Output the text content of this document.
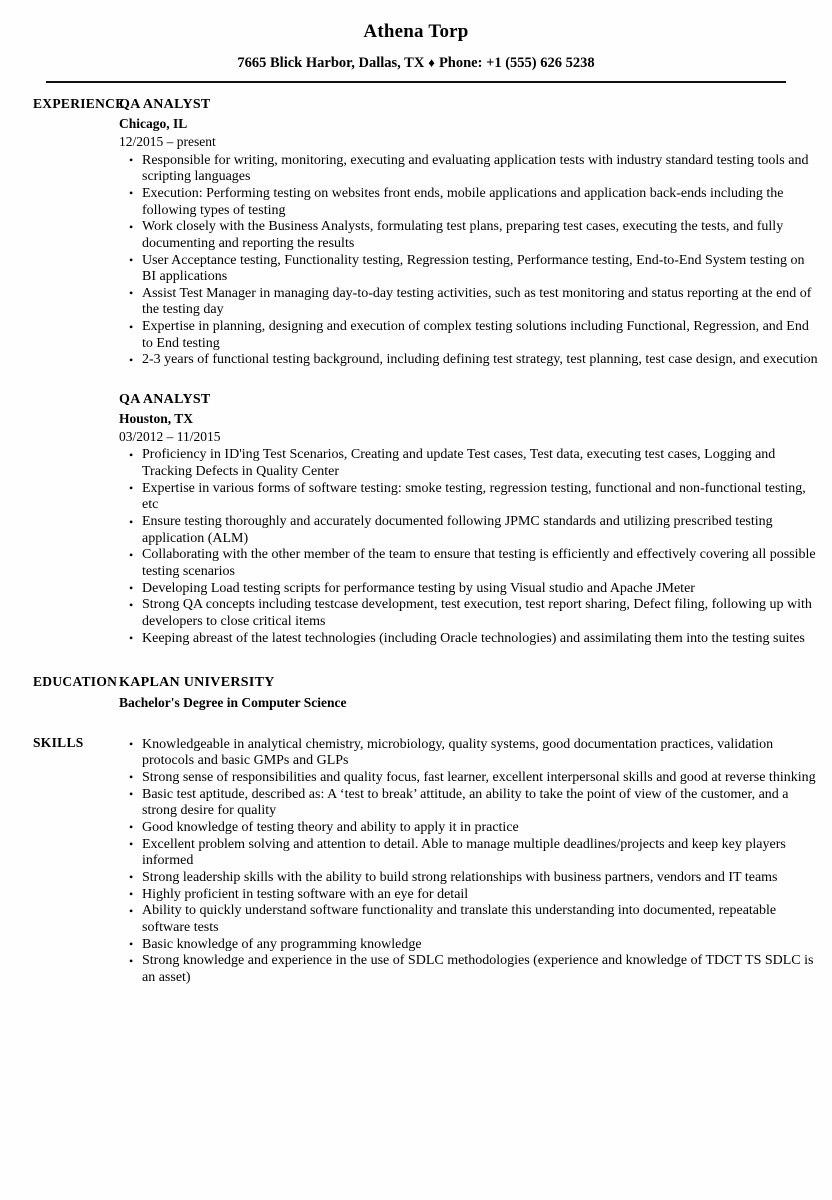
Athena Torp
7665 Blick Harbor, Dallas, TX ♦ Phone: +1 (555) 626 5238
EXPERIENCE
QA ANALYST
Chicago, IL
12/2015 – present
• Responsible for writing, monitoring, executing and evaluating application tests with industry standard testing tools and scripting languages
• Execution: Performing testing on websites front ends, mobile applications and application back-ends including the following types of testing
• Work closely with the Business Analysts, formulating test plans, preparing test cases, executing the tests, and fully documenting and reporting the results
• User Acceptance testing, Functionality testing, Regression testing, Performance testing, End-to-End System testing on BI applications
• Assist Test Manager in managing day-to-day testing activities, such as test monitoring and status reporting at the end of the testing day
• Expertise in planning, designing and execution of complex testing solutions including Functional, Regression, and End to End testing
• 2-3 years of functional testing background, including defining test strategy, test planning, test case design, and execution
QA ANALYST
Houston, TX
03/2012 – 11/2015
• Proficiency in ID'ing Test Scenarios, Creating and update Test cases, Test data, executing test cases, Logging and Tracking Defects in Quality Center
• Expertise in various forms of software testing: smoke testing, regression testing, functional and non-functional testing, etc
• Ensure testing thoroughly and accurately documented following JPMC standards and utilizing prescribed testing application (ALM)
• Collaborating with the other member of the team to ensure that testing is efficiently and effectively covering all possible testing scenarios
• Developing Load testing scripts for performance testing by using Visual studio and Apache JMeter
• Strong QA concepts including testcase development, test execution, test report sharing, Defect filing, following up with developers to close critical items
• Keeping abreast of the latest technologies (including Oracle technologies) and assimilating them into the testing suites
EDUCATION KAPLAN UNIVERSITY
Bachelor's Degree in Computer Science
SKILLS	• Knowledgeable in analytical chemistry, microbiology, quality systems, good documentation practices, validation protocols and basic GMPs and GLPs
• Strong sense of responsibilities and quality focus, fast learner, excellent interpersonal skills and good at reverse thinking
• Basic test aptitude, described as: A ‘test to break’ attitude, an ability to take the point of view of the customer, and a strong desire for quality
• Good knowledge of testing theory and ability to apply it in practice
• Excellent problem solving and attention to detail. Able to manage multiple deadlines/projects and keep key players informed
• Strong leadership skills with the ability to build strong relationships with business partners, vendors and IT teams
• Highly proficient in testing software with an eye for detail
• Ability to quickly understand software functionality and translate this understanding into documented, repeatable software tests
• Basic knowledge of any programming knowledge
• Strong knowledge and experience in the use of SDLC methodologies (experience and knowledge of TDCT TS SDLC is an asset)
